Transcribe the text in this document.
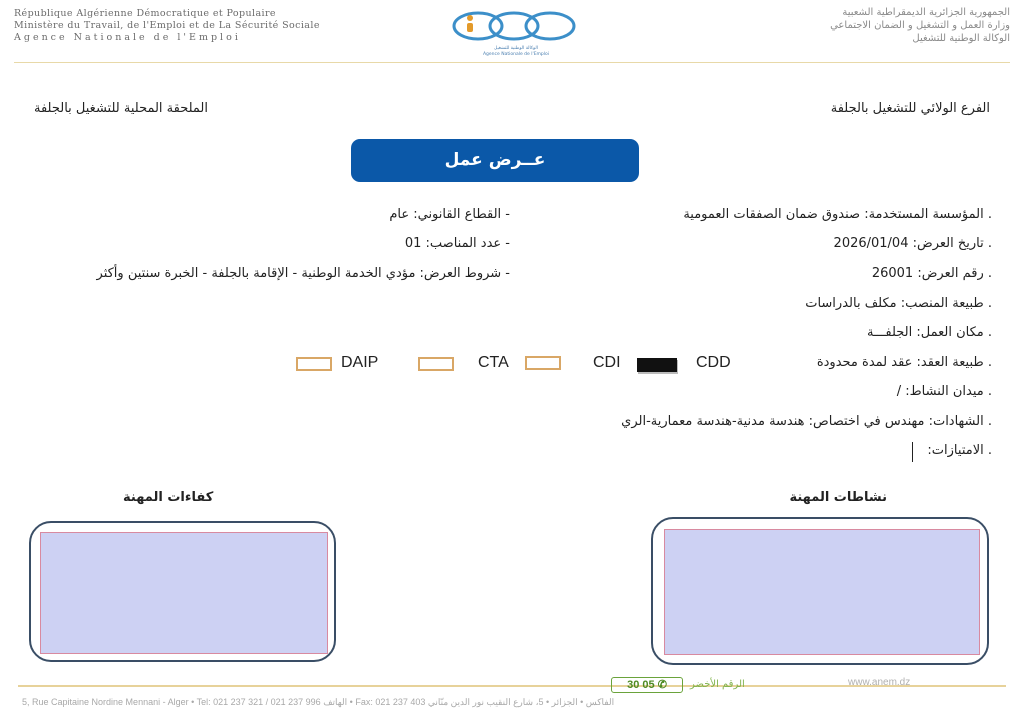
République Algérienne Démocratique et Populaire
Ministère du Travail, de l'Emploi et de La Sécurité Sociale
Agence Nationale de l'Emploi
الوكالة الوطنية للتشغيل
Agence Nationale de l'Emploi
الجمهورية الجزائرية الديمقراطية الشعبية
وزارة العمل و التشغيل و الضمان الاجتماعي
الوكالة الوطنية للتشغيل
الفرع الولائي للتشغيل بالجلفة
الملحقة المحلية للتشغيل بالجلفة
عــرض عمل
. المؤسسة المستخدمة: صندوق ضمان الصفقات العمومية
. تاريخ العرض: 2026/01/04
. رقم العرض: 26001
. طبيعة المنصب: مكلف بالدراسات
. مكان العمل: الجلفـــة
. طبيعة العقد: عقد لمدة محدودة
. ميدان النشاط: /
. الشهادات: مهندس في اختصاص: هندسة مدنية-هندسة معمارية-الري
. الامتيازات:
- القطاع القانوني: عام
- عدد المناصب: 01
- شروط العرض: مؤدي الخدمة الوطنية - الإقامة بالجلفة - الخبرة سنتين وأكثر
CDD
CDI
CTA
DAIP
نشاطات المهنة
كفاءات المهنة
30 05 ✆	الرقم الأخضر	www.anem.dz
5, Rue Capitaine Nordine Mennani - Alger • Tel: 021 237 321 / 021 237 996 الهاتف • Fax: 021 237 403 الفاكس • الجزائر • 5، شارع النقيب نور الدين منّاني
